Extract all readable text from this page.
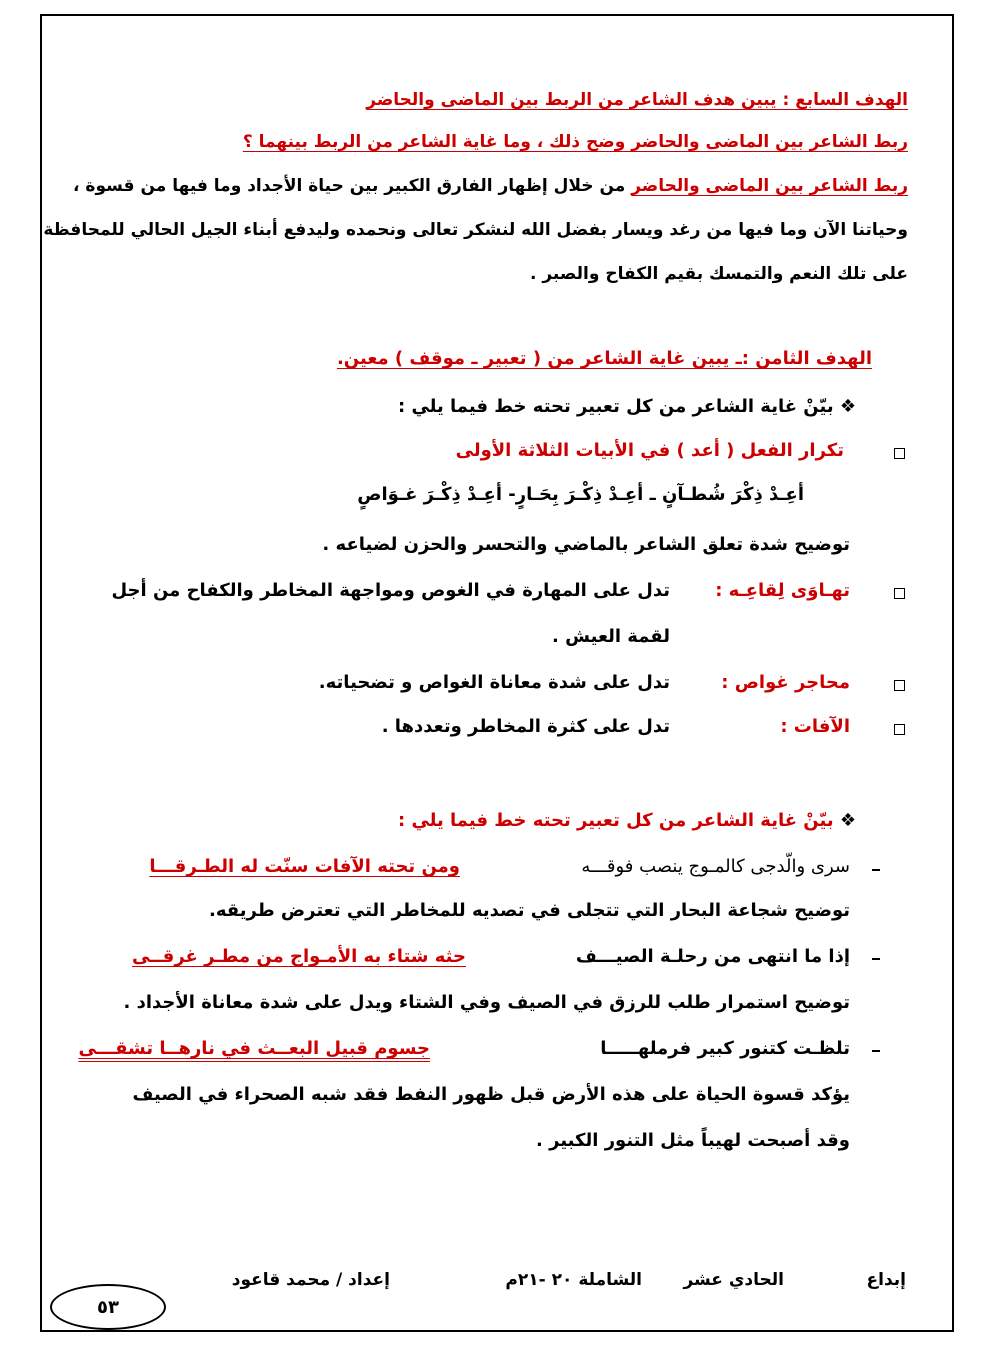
الهدف السابع : يبين هدف الشاعر من الربط بين الماضى والحاضر
ربط الشاعر بين الماضى والحاضر وضح ذلك ، وما غاية الشاعر من الربط بينهما ؟
ربط الشاعر بين الماضى والحاضر من خلال إظهار الفارق الكبير بين حياة الأجداد وما فيها من قسوة ،
وحياتنا الآن وما فيها من رغد ويسار بفضل الله لنشكر تعالى ونحمده وليدفع أبناء الجيل الحالي للمحافظة
على تلك النعم والتمسك بقيم الكفاح والصبر .
الهدف الثامن :ـ يبين غاية الشاعر من ( تعبير ـ موقف ) معين.
❖ بيّنْ غاية الشاعر من كل تعبير تحته خط فيما يلي :
تكرار الفعل ( أعد ) في الأبيات الثلاثة الأولى
أعِـدْ ذِكْرَ شُطـآنٍ ـ أعِـدْ ذِكْـرَ بِحَـارٍ- أعِـدْ ذِكْـرَ غـوَاصٍ
توضيح شدة تعلق الشاعر بالماضي والتحسر والحزن لضياعه .
تهـاوَى لِقاعِـه :
تدل على المهارة في الغوص ومواجهة المخاطر والكفاح من أجل
لقمة العيش .
محاجر غواص :
تدل على شدة معاناة الغواص و تضحياته.
الآفات :
تدل على كثرة المخاطر وتعددها .
❖ بيّنْ غاية الشاعر من كل تعبير تحته خط فيما يلي :
سرى والّدجى كالمـوج ينصب فوقـــه
ومن تحته الآفات سنّت له الطـرقـــا
توضيح شجاعة البحار التي تتجلى في تصديه للمخاطر التي تعترض طريقه.
إذا ما انتهى من رحلـة الصيـــف
حثه شتاء به الأمـواج من مطـر غرقــى
توضيح استمرار طلب للرزق في الصيف وفي الشتاء ويدل على شدة معاناة الأجداد .
تلظـت كتنور كبير فرملهـــــا
جسوم قبيل البعــث في نارهــا تشقـــى
يؤكد قسوة الحياة على هذه الأرض قبل ظهور النفط فقد شبه الصحراء في الصيف
وقد أصبحت لهيباً مثل التنور الكبير .
إبداع
الحادي عشر
الشاملة ٢٠ -٢١م
إعداد / محمد قاعود
٥٣
